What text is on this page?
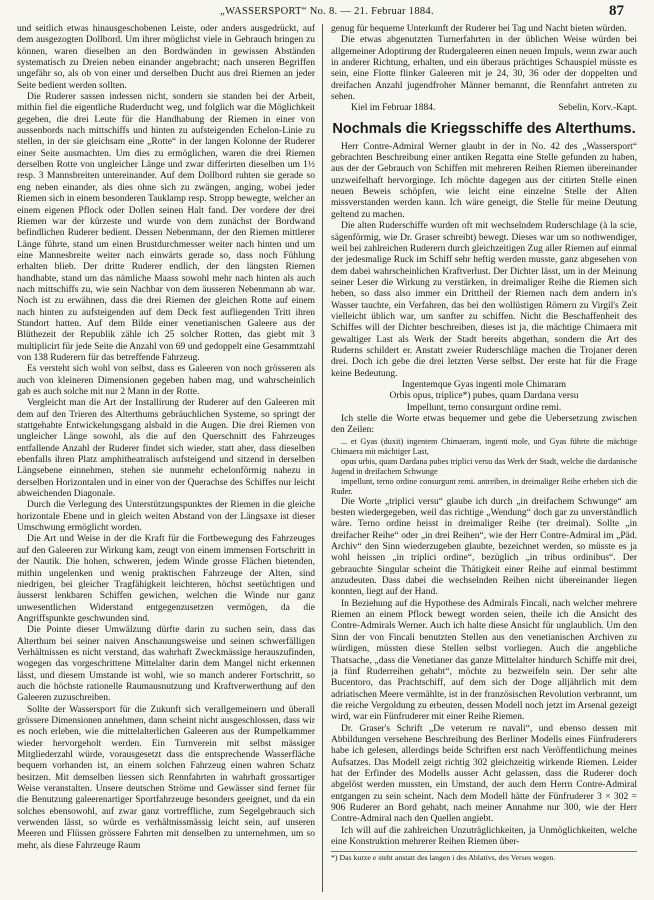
„WASSERSPORT“ No. 8. — 21. Februar 1884.	87

und seitlich etwas hinausgeschobenen Leiste, oder anders ausgedrückt, auf dem ausgezogten Dollbord. Um ihrer möglichst viele in Gebrauch bringen zu können, waren dieselben an den Bordwänden in gewissen Abständen systematisch zu Dreien neben einander angebracht; nach unseren Begriffen ungefähr so, als ob von einer und derselben Ducht aus drei Riemen an jeder Seite bedient werden sollten.

Die Ruderer sassen indessen nicht, sondern sie standen bei der Arbeit, mithin fiel die eigentliche Ruderducht weg, und folglich war die Möglichkeit gegeben, die drei Leute für die Handhabung der Riemen in einer von aussenbords nach mittschiffs und hinten zu aufsteigenden Echelon-Linie zu stellen, in der sie gleichsam eine „Rotte“ in der langen Kolonne der Ruderer einer Seite ausmachten. Um dies zu ermöglichen, waren die drei Riemen derselben Rotte von ungleicher Länge und zwar differirten dieselben um 1½ resp. 3 Mannsbreiten untereinander. Auf dem Dollbord ruhten sie gerade so eng neben einander, als dies ohne sich zu zwängen, anging, wobei jeder Riemen sich in einem besonderen Tauklamp resp. Stropp bewegte, welcher an einem eigenen Pflock oder Dollen seinen Halt fand. Der vordere der drei Riemen war der kürzeste und wurde von dem zunächst der Bordwand befindlichen Ruderer bedient. Dessen Nebenmann, der den Riemen mittlerer Länge führte, stand um einen Brustdurchmesser weiter nach hinten und um eine Mannesbreite weiter nach einwärts gerade so, dass noch Fühlung erhalten blieb. Der dritte Ruderer endlich, der den längsten Riemen handhabte, stand um das nämliche Maass sowohl mehr nach hinten als auch nach mittschiffs zu, wie sein Nachbar von dem äusseren Nebenmann ab war. Noch ist zu erwähnen, dass die drei Riemen der gleichen Rotte auf einem nach hinten zu aufsteigenden auf dem Deck fest aufliegenden Tritt ihren Standort hatten. Auf dem Bilde einer venetianischen Galeere aus der Blüthezeit der Republik zähle ich 25 solcher Rotten, das giebt mit 3 multiplicirt für jede Seite die Anzahl von 69 und gedoppelt eine Gesammtzahl von 138 Ruderern für das betreffende Fahrzeug.

Es versteht sich wohl von selbst, dass es Galeeren von noch grösseren als auch von kleineren Dimensionen gegeben haben mag, und wahrscheinlich gab es auch solche mit nur 2 Mann in der Rotte.

Vergleicht man die Art der Installirung der Ruderer auf den Galeeren mit dem auf den Trieren des Alterthums gebräuchlichen Systeme, so springt der stattgehabte Entwickelungsgang alsbald in die Augen. Die drei Riemen von ungleicher Länge sowohl, als die auf den Querschnitt des Fahrzeuges entfallende Anzahl der Ruderer findet sich wieder, statt aber, dass dieselben ebenfalls ihren Platz amphitheatralisch aufsteigend und sitzend in derselben Längsebene einnehmen, stehen sie nunmehr echelonförmig nahezu in derselben Horizontalen und in einer von der Querachse des Schiffes nur leicht abweichenden Diagonale.

Durch die Verlegung des Unterstützungspunktes der Riemen in die gleiche horizontale Ebene und in gleich weiten Abstand von der Längsaxe ist dieser Umschwung ermöglicht worden.

Die Art und Weise in der die Kraft für die Fortbewegung des Fahrzeuges auf den Galeeren zur Wirkung kam, zeugt von einem immensen Fortschritt in der Nautik. Die hohen, schweren, jedem Winde grosse Flächen bietenden, mithin ungelenken und wenig praktischen Fahrzeuge der Alten, sind niedrigen, bei gleicher Tragfähigkeit leichteren, höchst seetüchtigen und äusserst lenkbaren Schiffen gewichen, welchen die Winde nur ganz unwesentlichen Widerstand entgegenzusetzen vermögen, da die Angriffspunkte geschwunden sind.

Die Pointe dieser Umwälzung dürfte darin zu suchen sein, dass das Alterthum bei seiner naiven Anschauungsweise und seinen schwerfälligen Verhältnissen es nicht verstand, das wahrhaft Zweckmässige herauszufinden, wogegen das vorgeschrittene Mittelalter darin dem Mangel nicht erkennen lässt, und diesem Umstande ist wohl, wie so manch anderer Fortschritt, so auch die höchste rationelle Raumausnutzung und Kraftverwerthung auf den Galeeren zuzuschreiben.

Sollte der Wassersport für die Zukunft sich verallgemeinern und überall grössere Dimensionen annehmen, dann scheint nicht ausgeschlossen, dass wir es noch erleben, wie die mittelalterlichen Galeeren aus der Rumpelkammer wieder hervorgeholt werden. Ein Turnverein mit selbst mässiger Mitgliederzahl würde, vorausgesetzt dass die entsprechende Wasserfläche bequem vorhanden ist, an einem solchen Fahrzeug einen wahren Schatz besitzen. Mit demselben liessen sich Rennfahrten in wahrhaft grossartiger Weise veranstalten. Unsere deutschen Ströme und Gewässer sind ferner für die Benutzung galeerenartiger Sportfahrzeuge besonders geeignet, und da ein solches ebensowohl, auf zwar ganz vortreffliche, zum Segelgebrauch sich verwenden lässt, so würde es verhältnissmässig leicht sein, auf unseren Meeren und Flüssen grössere Fahrten mit denselben zu unternehmen, um so mehr, als diese Fahrzeuge Raum

genug für bequeme Unterkunft der Ruderer bei Tag und Nacht bieten würden.

Die etwas abgenutzten Turnerfahrten in der üblichen Weise würden bei allgemeiner Adoptirung der Rudergaleeren einen neuen Impuls, wenn zwar auch in anderer Richtung, erhalten, und ein überaus prächtiges Schauspiel müsste es sein, eine Flotte flinker Galeeren mit je 24, 30, 36 oder der doppelten und dreifachen Anzahl jugendfroher Männer bemannt, die Rennfahrt antreten zu sehen.

Kiel im Februar 1884.	Sebelin, Korv.-Kapt.

Nochmals die Kriegsschiffe des Alterthums.

Herr Contre-Admiral Werner glaubt in der in No. 42 des „Wassersport“ gebrachten Beschreibung einer antiken Regatta eine Stelle gefunden zu haben, aus der der Gebrauch von Schiffen mit mehreren Reihen Riemen übereinander unzweifelhaft hervorginge. Ich möchte dagegen aus der citirten Stelle einen neuen Beweis schöpfen, wie leicht eine einzelne Stelle der Alten missverstanden werden kann. Ich wäre geneigt, die Stelle für meine Deutung geltend zu machen.

Die alten Ruderschiffe wurden oft mit wechselndem Ruderschlage (à la scie, sägenförmig, wie Dr. Graser schreibt) bewegt. Dieses war um so nothwendiger, weil bei zahlreichen Ruderern durch gleichzeitigen Zug aller Riemen auf einmal der jedesmalige Ruck im Schiff sehr heftig werden musste, ganz abgesehen von dem dabei wahrscheinlichen Kraftverlust. Der Dichter lässt, um in der Meinung seiner Leser die Wirkung zu verstärken, in dreimaliger Reihe die Riemen sich heben, so dass also immer ein Drittheil der Riemen nach dem andern in's Wasser tauchte, ein Verfahren, das bei den wollüstigen Römern zu Virgil's Zeit vielleicht üblich war, um sanfter zu schiffen. Nicht die Beschaffenheit des Schiffes will der Dichter beschreiben, dieses ist ja, die mächtige Chimaera mit gewaltiger Last als Werk der Stadt bereits abgethan, sondern die Art des Ruderns schildert er. Anstatt zweier Ruderschläge machen die Trojaner deren drei. Doch ich gebe die drei letzten Verse selbst. Der erste hat für die Frage keine Bedeutung.

Ingentemque Gyas ingenti mole Chimaram

Orbis opus, triplice*) pubes, quam Dardana versu

Impellunt, terno consurgunt ordine remi.

Ich stelle die Worte etwas bequemer und gebe die Uebersetzung zwischen den Zeilen:

... et Gyas (duxit) ingentem Chimaeram, ingenti mole, und Gyas führte die mächtige Chimaera mit mächtiger Last,

opus urbis, quam Dardana pubes triplici versu das Werk der Stadt, welche die dardanische Jugend in dreifachem Schwunge

impellunt, terno ordine consurgunt remi. antreiben, in dreimaliger Reihe erheben sich die Ruder.

Die Worte „triplici versu“ glaube ich durch „in dreifachem Schwunge“ am besten wiedergegeben, weil das richtige „Wendung“ doch gar zu unverständlich wäre. Terno ordine heisst in dreimaliger Reihe (ter dreimal). Sollte „in dreifacher Reihe“ oder „in drei Reihen“, wie der Herr Contre-Admiral im „Päd. Archiv“ den Sinn wiederzugeben glaubte, bezeichnet werden, so müsste es ja wohl heissen „in triplici ordine“, bezüglich „in tribus ordinibus“. Der gebrauchte Singular scheint die Thätigkeit einer Reihe auf einmal bestimmt anzudeuten. Dass dabei die wechselnden Reihen nicht übereinander liegen konnten, liegt auf der Hand.

In Beziehung auf die Hypothese des Admirals Fincali, nach welcher mehrere Riemen an einem Pflock bewegt worden seien, theile ich die Ansicht des Contre-Admirals Werner. Auch ich halte diese Ansicht für unglaublich. Um den Sinn der von Fincali benutzten Stellen aus den venetianischen Archiven zu würdigen, müssten diese Stellen selbst vorliegen. Auch die angebliche Thatsache, „dass die Venetianer das ganze Mittelalter hindurch Schiffe mit drei, ja fünf Ruderreihen gehabt“, möchte zu bezweifeln sein. Der sehr alte Bucentoro, das Prachtschiff, auf dem sich der Doge alljährlich mit dem adriatischen Meere vermählte, ist in der französischen Revolution verbrannt, um die reiche Vergoldung zu erbeuten, dessen Modell noch jetzt im Arsenal gezeigt wird, war ein Fünfruderer mit einer Reihe Riemen.

Dr. Graser's Schrift „De veterum re navali“, und ebenso dessen mit Abbildungen versehene Beschreibung des Berliner Modells eines Fünfruderers habe ich gelesen, allerdings beide Schriften erst nach Veröffentlichung meines Aufsatzes. Das Modell zeigt richtig 302 gleichzeitig wirkende Riemen. Leider hat der Erfinder des Modells ausser Acht gelassen, dass die Ruderer doch abgelöst werden mussten, ein Umstand, der auch dem Herrn Contre-Admiral entgangen zu sein scheint. Nach dem Modell hätte der Fünfruderer 3 × 302 = 906 Ruderer an Bord gehabt, nach meiner Annahme nur 300, wie der Herr Contre-Admiral nach den Quellen angiebt.

Ich will auf die zahlreichen Unzuträglichkeiten, ja Unmöglichkeiten, welche eine Konstruktion mehrerer Reihen Riemen über-

*) Das kurze e steht anstatt des langen i des Ablativs, des Verses wegen.
